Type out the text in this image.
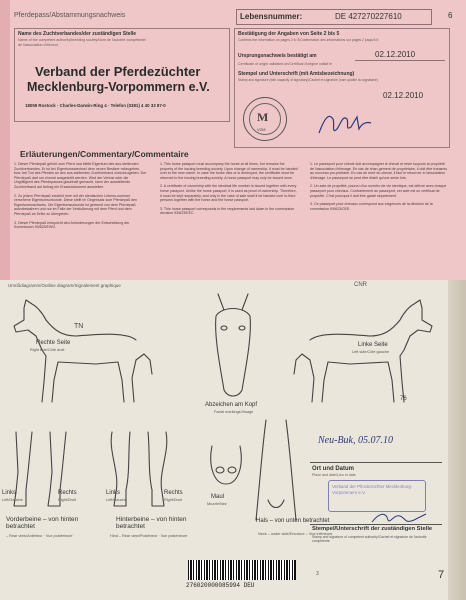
Pferdepass/Abstammungsnachweis	6
Lebensnummer:	DE 427270227610
Name des Zuchtverbandes/der zuständigen Stelle
Name of the competent authority/breeding society/Nom de l'autorité compétente/
de l'association d'éleveur
Verband der Pferdezüchter
Mecklenburg-Vorpommern e.V.
18059 Rostock · Charles-Darwin-Ring 4 · Telefon (0381) 4 40 33 87-0
Bestätigung der Angaben von Seite 2 bis 5
Confirms the information on pages 2 to 5/Confirmation des informations sur pages 2 jusqu'à 5
Ursprungsnachweis bestätigt am	02.12.2010
Certificate of origin validated on/Certificat d'origine validé le
Stempel und Unterschrift (mit Amtsbezeichnung)
Stamp and signature (with capacity of signatory)/Cachet et signature (nom qualité du signataire)
02.12.2010
M
VZM
Erläuterungen/Commentary/Commentaire
1. Dieser Pferdepaß gehört zum Pferd und bleibt Eigentum des aus-stellenden Zuchtverbandes. Er ist bei Eigentumswechsel dem neuen Besitzer mitzugeben, bzw. bei Tod des Pferdes an den aus-stellenden Zuchtverband zurückzugeben. Der Pferdepaß darf nur einmal ausgestellt werden. Wird der Verlust oder die Ungültigkeit des Pferdepasses glaubhaft gemacht, kann der ausstellende Zuchtverband auf Antrag ein Ersatzdokument ausstellen.
2. Zu jedem Pferdepaß existiert eine mit der identischen Lebens-nummer versehene Eigentumsurkunde. Diese stellt im Gegensatz zum Pferdepaß den Eigentumsnachweis. Die Eigentumsurkunde ist getrennt von dem Pferdepaß aufzubewahren und nur im Falle der Veräußerung mit dem Pferd und dem Pferdepaß an Dritte zu übergeben.
3. Dieser Pferdepaß entspricht den Anforderungen der Entscheidung der Kommission 93/623/EWG.
1. This horse passport must accompany the horse at all times, but remains the property of the issuing breeding society. Upon change of ownership, it must be handed over to the new owner. In case the horse dies or is destroyed, the certificate must be returned to the issuing breeding society. A horse passport may only be issued once.
2. A certificate of ownership with the identical life number is issued together with every horse passport. Unlike the horse passport, it is used as proof of ownership. Therefore, it must be kept separately, and only in the case of sale shall it be handed over to third persons together with the horse and the horse passport.
3. This horse passport corresponds to the requirements laid down in the commission decision 93/623/EEC.
1. Le passeport pour cheval doit accompagner le cheval et reste toujours la propriété de l'association d'élevage. En cas de chan-gement de propriétaire, il doit être transmis au nouveau pro-priétaire. En cas de mort du cheval, il faut le retourner à l'association d'élevage. Le passeport ne peut être établi qu'une seule fois.
2. Un acte de propriété, pourvu d'un numéro de vie identique, est délivré avec chaque passeport pour chevaux. Contrairement au passeport, cet acte est un certificat de propriété. C'est pourquoi il doit être gardé séparément.
3. Ce passeport pour chevaux correspond aux exigences de la décision de la commission 93/623/CEE.
Umrißdiagramm/Outline diagram/Signalement graphique	CNR
TN
Rechte Seite
Right side/Côté droit
Abzeichen am Kopf
Facial markings/Visage
76
Linke Seite
Left side/Côté gauche
Links
Left/Gauche
Rechts
Right/Droit
Links
Left/Gauche
Rechts
Right/Droit	Maul
Muzzle/Nez
Hals – von unten betrachtet
Neck – under side/Encolure – Vue inférieure
Vorderbeine – von hinten betrachtet
– Rear view/Antérieur · Vue postérieure
Hinterbeine – von hinten betrachtet
Hind – Rear view/Postérieur · Vue postérieure
Neu-Buk, 05.07.10
Ort und Datum
Place and date/Lieu et date
Verband der Pferdezüchter Mecklenburg-Vorpommern e.V.
Stempel/Unterschrift der zuständigen Stelle
Stamp and signature of competent authority/Cachet et signature de l'autorité compétente
276020000085994 DEU
3	7
